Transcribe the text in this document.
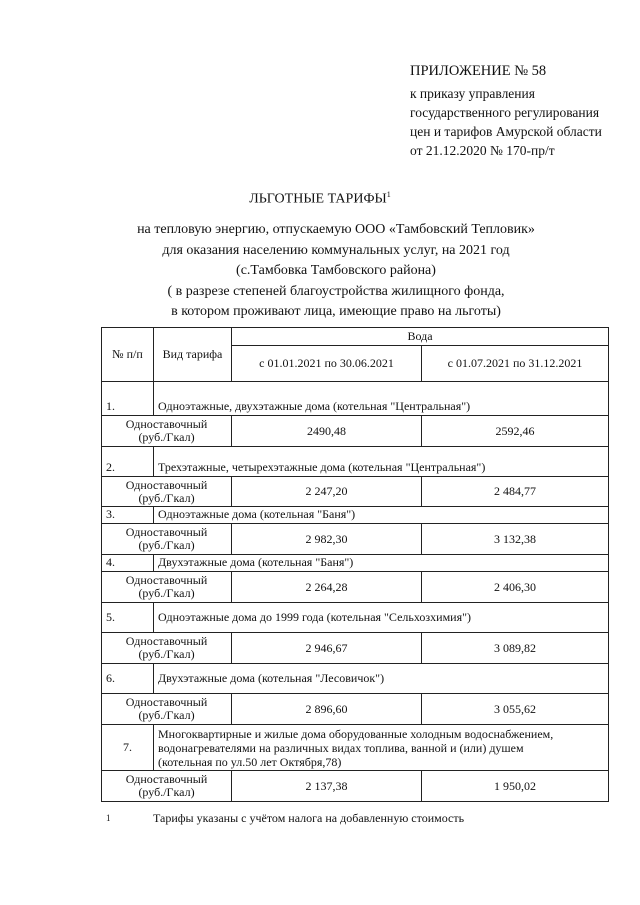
ПРИЛОЖЕНИЕ № 58
к приказу управления
государственного регулирования
цен и тарифов Амурской области
от 21.12.2020 № 170-пр/т
ЛЬГОТНЫЕ ТАРИФЫ$^1$
на тепловую энергию, отпускаемую ООО «Тамбовский Тепловик»
для оказания населению коммунальных услуг, на 2021 год
(с.Тамбовка Тамбовского района)
( в разрезе степеней благоустройства жилищного фонда,
в котором проживают лица, имеющие право на льготы)
№ п/п	Вид тарифа	Вода	
		с 01.01.2021 по 30.06.2021	с 01.07.2021 по 31.12.2021
1.	Одноэтажные, двухэтажные дома (котельная "Центральная")		

Одноставочный
(руб./Гкал)		2490,48	2592,46
2.	Трехэтажные, четырехэтажные дома (котельная "Центральная")		

Одноставочный
(руб./Гкал)		2 247,20	2 484,77
3.	Одноэтажные дома (котельная "Баня")		

Одноставочный
(руб./Гкал)		2 982,30	3 132,38
4.	Двухэтажные дома (котельная "Баня")		

Одноставочный
(руб./Гкал)		2 264,28	2 406,30
5.	Одноэтажные дома до 1999 года (котельная "Сельхозхимия")		

Одноставочный
(руб./Гкал)		2 946,67	3 089,82
6.	Двухэтажные дома (котельная "Лесовичок")		

Одноставочный
(руб./Гкал)		2 896,60	3 055,62
7.	Многоквартирные и жилые дома оборудованные холодным водоснабжением,
водонагревателями на различных видах топлива, ванной и (или) душем
(котельная по ул.50 лет Октября,78)		

Одноставочный
(руб./Гкал)		2 137,38	1 950,02
1	Тарифы указаны с учётом налога на добавленную стоимость
